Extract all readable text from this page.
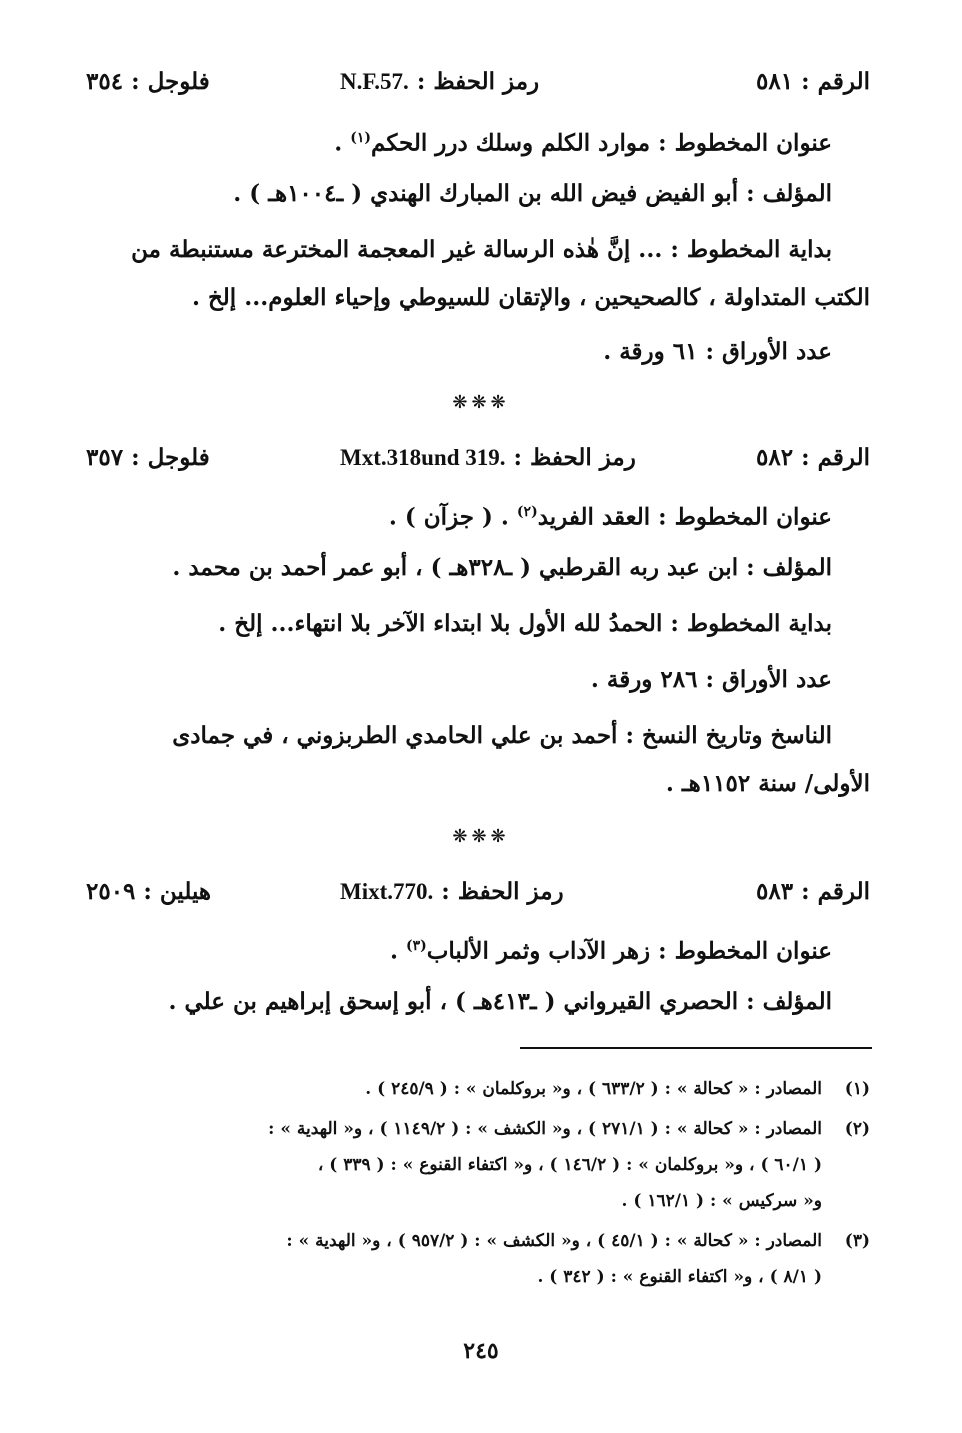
الرقم : ٥٨١
رمز الحفظ : N.F.57.
فلوجل : ٣٥٤
عنوان المخطوط : موارد الكلم وسلك درر الحكم$^{(١)}$ .
المؤلف : أبو الفيض فيض الله بن المبارك الهندي ( ـ١٠٠٤هـ ) .
بداية المخطوط : ... إنَّ هٰذه الرسالة غير المعجمة المخترعة مستنبطة من
الكتب المتداولة ، كالصحيحين ، والإتقان للسيوطي وإحياء العلوم... إلخ .
عدد الأوراق : ٦١ ورقة .
❋❋❋
الرقم : ٥٨٢
رمز الحفظ : Mxt.318und 319.
فلوجل : ٣٥٧
عنوان المخطوط : العقد الفريد$^{(٢)}$ . ( جزآن ) .
المؤلف : ابن عبد ربه القرطبي ( ـ٣٢٨هـ ) ، أبو عمر أحمد بن محمد .
بداية المخطوط : الحمدُ لله الأول بلا ابتداء الآخر بلا انتهاء... إلخ .
عدد الأوراق : ٢٨٦ ورقة .
الناسخ وتاريخ النسخ : أحمد بن علي الحامدي الطربزوني ، في جمادى
الأولى/ سنة ١١٥٢هـ .
❋❋❋
الرقم : ٥٨٣
رمز الحفظ : Mixt.770.
هيلين : ٢٥٠٩
عنوان المخطوط : زهر الآداب وثمر الألباب$^{(٣)}$ .
المؤلف : الحصري القيرواني ( ـ٤١٣هـ ) ، أبو إسحق إبراهيم بن علي .
(١)
المصادر : « كحالة » : ( ٦٣٣/٢ ) ، و« بروكلمان » : ( ٢٤٥/٩ ) .
(٢)
المصادر : « كحالة » : ( ٢٧١/١ ) ، و« الكشف » : ( ١١٤٩/٢ ) ، و« الهدية » :
( ٦٠/١ ) ، و« بروكلمان » : ( ١٤٦/٢ ) ، و« اكتفاء القنوع » : ( ٣٣٩ ) ،
و« سركيس » : ( ١٦٢/١ ) .
(٣)
المصادر : « كحالة » : ( ٤٥/١ ) ، و« الكشف » : ( ٩٥٧/٢ ) ، و« الهدية » :
( ٨/١ ) ، و« اكتفاء القنوع » : ( ٣٤٢ ) .
٢٤٥
